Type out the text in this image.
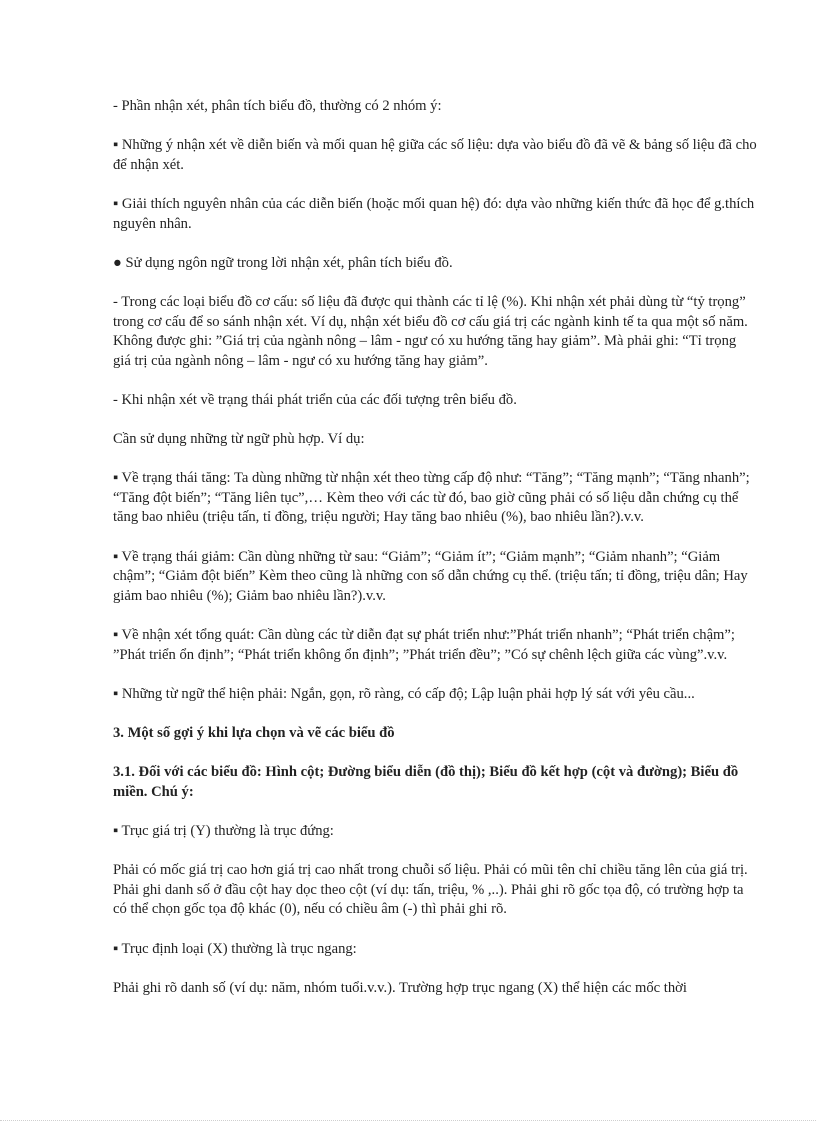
- Phần nhận xét, phân tích biểu đồ, thường có 2 nhóm ý:

▪ Những ý nhận xét về diễn biến và mối quan hệ giữa các số liệu: dựa vào biểu đồ đã vẽ & bảng số liệu đã cho để nhận xét.

▪ Giải thích nguyên nhân của các diễn biến (hoặc mối quan hệ) đó: dựa vào những kiến thức đã học để g.thích nguyên nhân.

● Sử dụng ngôn ngữ trong lời nhận xét, phân tích biểu đồ.

- Trong các loại biểu đồ cơ cấu: số liệu đã được qui thành các tỉ lệ (%). Khi nhận xét phải dùng từ “tỷ trọng” trong cơ cấu để so sánh nhận xét. Ví dụ, nhận xét biểu đồ cơ cấu giá trị các ngành kinh tế ta qua một số năm. Không được ghi: ”Giá trị của ngành nông – lâm - ngư có xu hướng tăng hay giảm”. Mà phải ghi: “Tỉ trọng giá trị của ngành nông – lâm - ngư có xu hướng tăng hay giảm”.

- Khi nhận xét về trạng thái phát triển của các đối tượng trên biểu đồ.

Cần sử dụng những từ ngữ phù hợp. Ví dụ:

▪ Về trạng thái tăng: Ta dùng những từ nhận xét theo từng cấp độ như: “Tăng”; “Tăng mạnh”; “Tăng nhanh”; “Tăng đột biến”; “Tăng liên tục”,… Kèm theo với các từ đó, bao giờ cũng phải có số liệu dẫn chứng cụ thể tăng bao nhiêu (triệu tấn, tỉ đồng, triệu người; Hay tăng bao nhiêu (%), bao nhiêu lần?).v.v.

▪ Về trạng thái giảm: Cần dùng những từ sau: “Giảm”; “Giảm ít”; “Giảm mạnh”; “Giảm nhanh”; “Giảm chậm”; “Giảm đột biến” Kèm theo cũng là những con số dẫn chứng cụ thể. (triệu tấn; tỉ đồng, triệu dân; Hay giảm bao nhiêu (%); Giảm bao nhiêu lần?).v.v.

▪ Về nhận xét tổng quát: Cần dùng các từ diễn đạt sự phát triển như:”Phát triển nhanh”; “Phát triển chậm”; ”Phát triển ổn định”; “Phát triển không ổn định”; ”Phát triển đều”; ”Có sự chênh lệch giữa các vùng”.v.v.

▪ Những từ ngữ thể hiện phải: Ngắn, gọn, rõ ràng, có cấp độ; Lập luận phải hợp lý sát với yêu cầu...

3. Một số gợi ý khi lựa chọn và vẽ các biểu đồ

3.1. Đối với các biểu đồ: Hình cột; Đường biểu diễn (đồ thị); Biểu đồ kết hợp (cột và đường); Biểu đồ miền. Chú ý:

▪ Trục giá trị (Y) thường là trục đứng:

Phải có mốc giá trị cao hơn giá trị cao nhất trong chuỗi số liệu. Phải có mũi tên chỉ chiều tăng lên của giá trị. Phải ghi danh số ở đầu cột hay dọc theo cột (ví dụ: tấn, triệu, % ,..). Phải ghi rõ gốc tọa độ, có trường hợp ta có thể chọn gốc tọa độ khác (0), nếu có chiều âm (-) thì phải ghi rõ.

▪ Trục định loại (X) thường là trục ngang:

Phải ghi rõ danh số (ví dụ: năm, nhóm tuổi.v.v.). Trường hợp trục ngang (X) thể hiện các mốc thời
